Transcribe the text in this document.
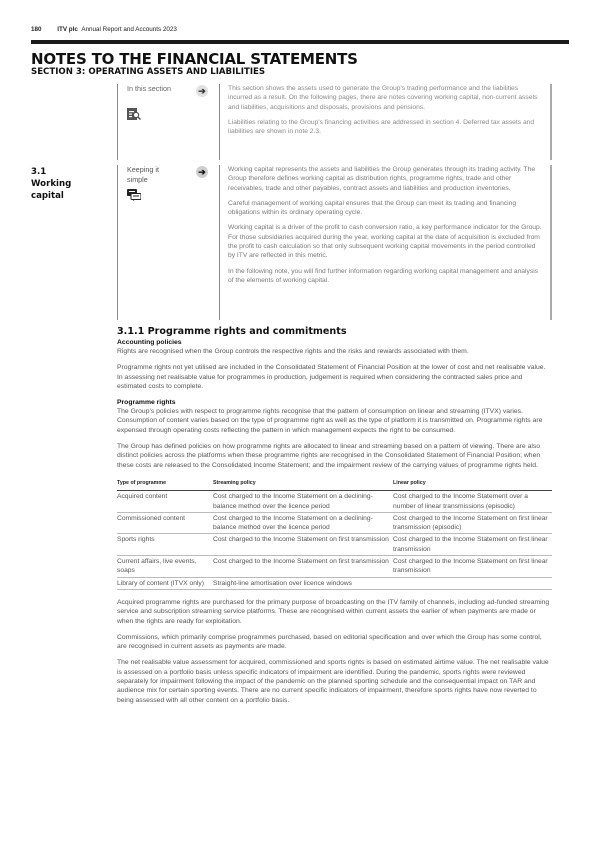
180	ITV plc Annual Report and Accounts 2023
NOTES TO THE FINANCIAL STATEMENTS
SECTION 3: OPERATING ASSETS AND LIABILITIES
In this section	➔	This section shows the assets used to generate the Group's trading performance and the liabilities incurred as a result. On the following pages, there are notes covering working capital, non-current assets and liabilities, acquisitions and disposals, provisions and pensions.

Liabilities relating to the Group's financing activities are addressed in section 4. Deferred tax assets and liabilities are shown in note 2.3.

3.1
Working
capital
Keeping it simple
➔	Working capital represents the assets and liabilities the Group generates through its trading activity. The Group therefore defines working capital as distribution rights, programme rights, trade and other receivables, trade and other payables, contract assets and liabilities and production inventories.

Careful management of working capital ensures that the Group can meet its trading and financing obligations within its ordinary operating cycle.

Working capital is a driver of the profit to cash conversion ratio, a key performance indicator for the Group. For those subsidiaries acquired during the year, working capital at the date of acquisition is excluded from the profit to cash calculation so that only subsequent working capital movements in the period controlled by ITV are reflected in this metric.

In the following note, you will find further information regarding working capital management and analysis of the elements of working capital.

3.1.1 Programme rights and commitments
Accounting policies

Rights are recognised when the Group controls the respective rights and the risks and rewards associated with them.

Programme rights not yet utilised are included in the Consolidated Statement of Financial Position at the lower of cost and net realisable value. In assessing net realisable value for programmes in production, judgement is required when considering the contracted sales price and estimated costs to complete.

Programme rights

The Group's policies with respect to programme rights recognise that the pattern of consumption on linear and streaming (ITVX) varies. Consumption of content varies based on the type of programme right as well as the type of platform it is transmitted on. Programme rights are expensed through operating costs reflecting the pattern in which management expects the right to be consumed.

The Group has defined policies on how programme rights are allocated to linear and streaming based on a pattern of viewing. There are also distinct policies across the platforms when these programme rights are recognised in the Consolidated Statement of Financial Position; when these costs are released to the Consolidated Income Statement; and the impairment review of the carrying values of programme rights held.

Type of programme	Streaming policy	Linear policy
Acquired content	Cost charged to the Income Statement on a declining-balance method over the licence period	Cost charged to the Income Statement over a number of linear transmissions (episodic)
Commissioned content	Cost charged to the Income Statement on a declining-balance method over the licence period	Cost charged to the Income Statement on first linear transmission (episodic)
Sports rights	Cost charged to the Income Statement on first transmission	Cost charged to the Income Statement on first linear transmission
Current affairs, live events, soaps	Cost charged to the Income Statement on first transmission	Cost charged to the Income Statement on first linear transmission
Library of content (ITVX only)	Straight-line amortisation over licence windows	

Acquired programme rights are purchased for the primary purpose of broadcasting on the ITV family of channels, including ad-funded streaming service and subscription streaming service platforms. These are recognised within current assets the earlier of when payments are made or when the rights are ready for exploitation.

Commissions, which primarily comprise programmes purchased, based on editorial specification and over which the Group has some control, are recognised in current assets as payments are made.

The net realisable value assessment for acquired, commissioned and sports rights is based on estimated airtime value. The net realisable value is assessed on a portfolio basis unless specific indicators of impairment are identified. During the pandemic, sports rights were reviewed separately for impairment following the impact of the pandemic on the planned sporting schedule and the consequential impact on TAR and audience mix for certain sporting events. There are no current specific indicators of impairment, therefore sports rights have now reverted to being assessed with all other content on a portfolio basis.
